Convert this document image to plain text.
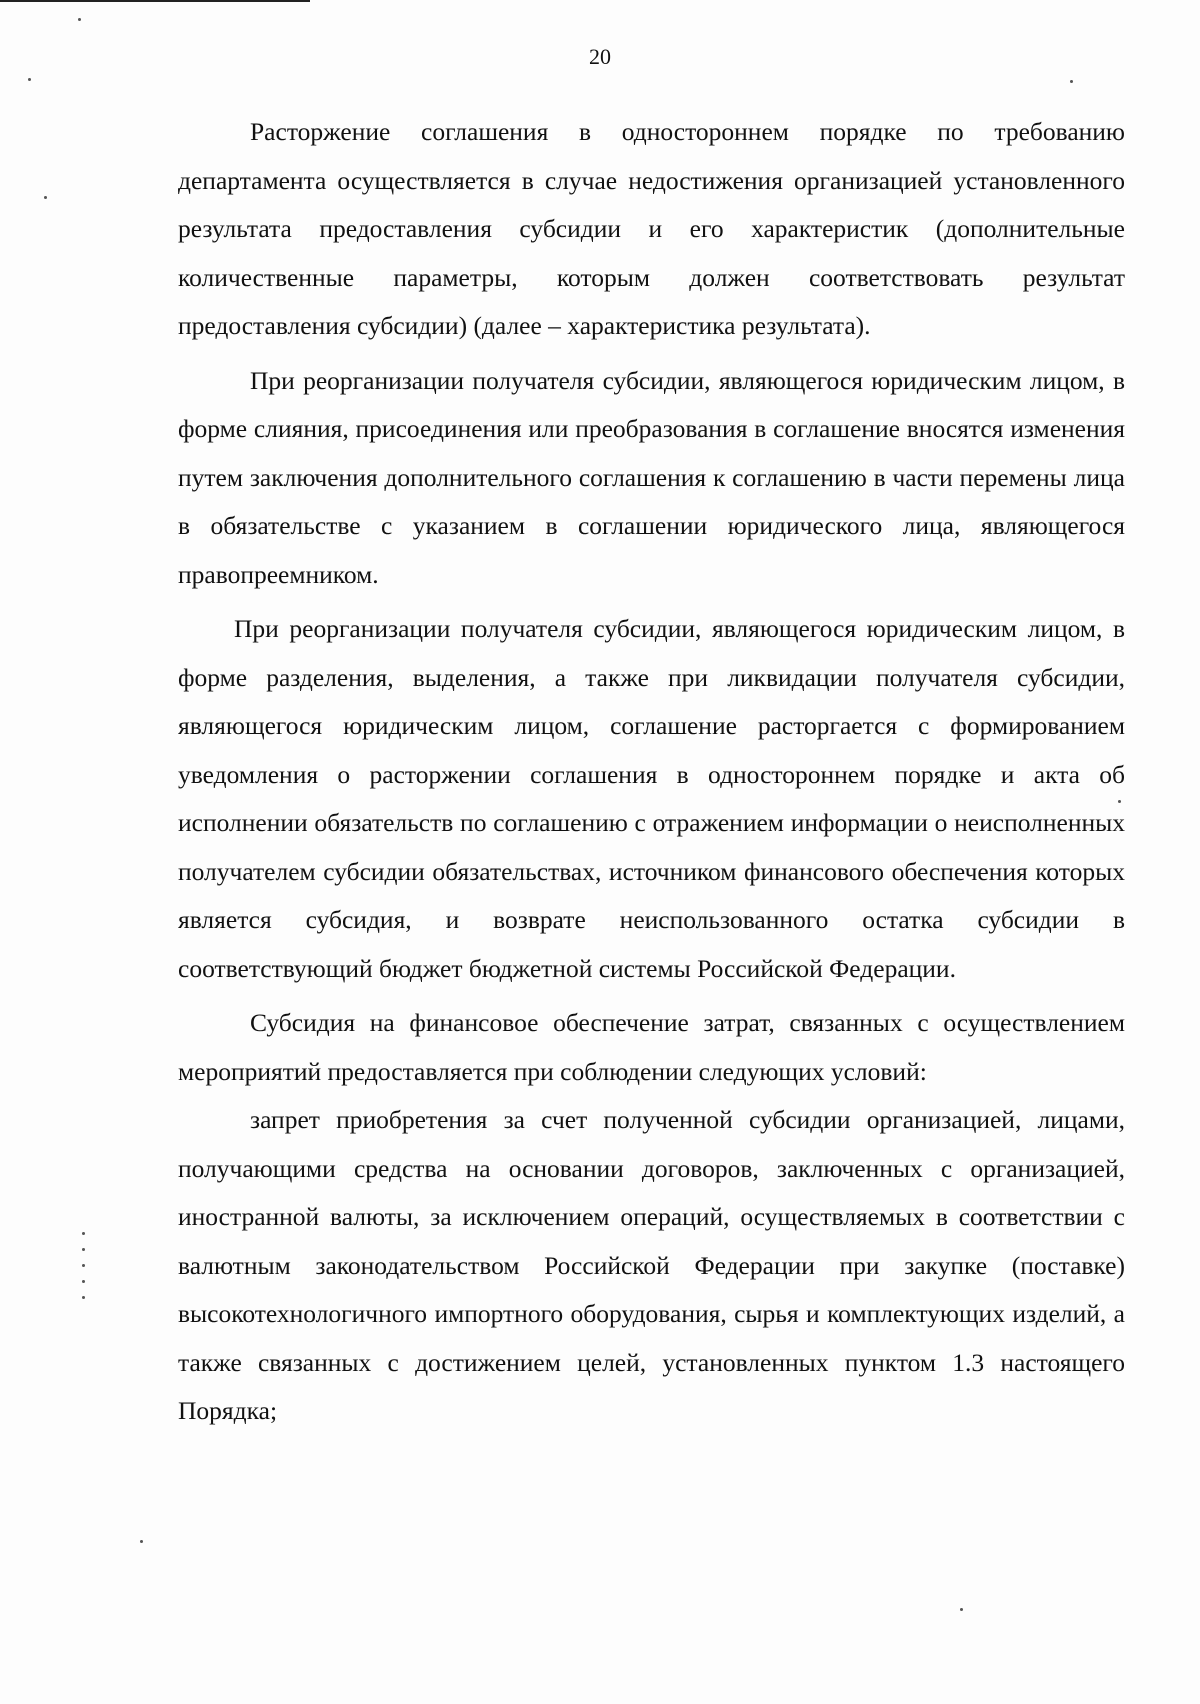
20

Расторжение соглашения в одностороннем порядке по требованию департамента осуществляется в случае недостижения организацией установленного результата предоставления субсидии и его характеристик (дополнительные количественные параметры, которым должен соответствовать результат предоставления субсидии) (далее – характеристика результата).

При реорганизации получателя субсидии, являющегося юридическим лицом, в форме слияния, присоединения или преобразования в соглашение вносятся изменения путем заключения дополнительного соглашения к соглашению в части перемены лица в обязательстве с указанием в соглашении юридического лица, являющегося правопреемником.

При реорганизации получателя субсидии, являющегося юридическим лицом, в форме разделения, выделения, а также при ликвидации получателя субсидии, являющегося юридическим лицом, соглашение расторгается с формированием уведомления о расторжении соглашения в одностороннем порядке и акта об исполнении обязательств по соглашению с отражением информации о неисполненных получателем субсидии обязательствах, источником финансового обеспечения которых является субсидия, и возврате неиспользованного остатка субсидии в соответствующий бюджет бюджетной системы Российской Федерации.

Субсидия на финансовое обеспечение затрат, связанных с осуществлением мероприятий предоставляется при соблюдении следующих условий:

запрет приобретения за счет полученной субсидии организацией, лицами, получающими средства на основании договоров, заключенных с организацией, иностранной валюты, за исключением операций, осуществляемых в соответствии с валютным законодательством Российской Федерации при закупке (поставке) высокотехнологичного импортного оборудования, сырья и комплектующих изделий, а также связанных с достижением целей, установленных пунктом 1.3 настоящего Порядка;
